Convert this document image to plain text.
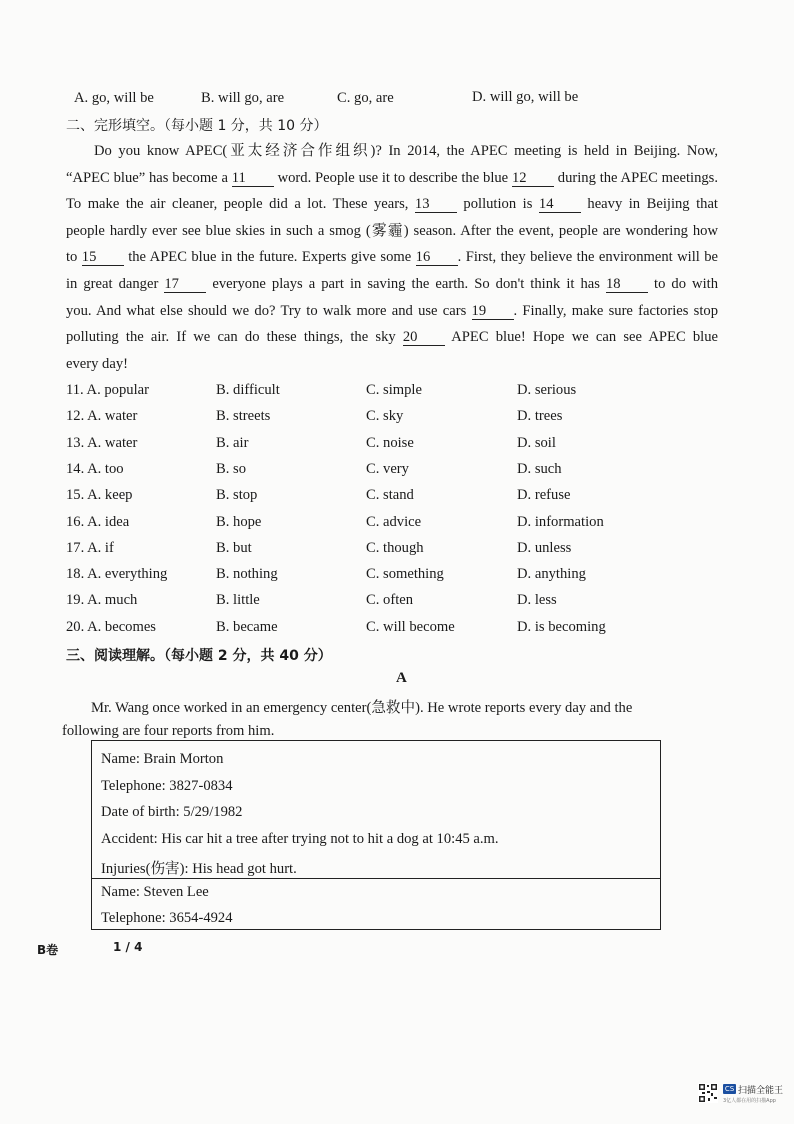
A. go, will be	B. will go, are	C. go, are	D. will go, will be
二、完形填空。（每小题 1 分，共 10 分）
Do you know APEC(亚太经济合作组织)? In 2014, the APEC meeting is held in Beijing. Now,
“APEC blue” has become a 11 word. People use it to describe the blue 12 during the APEC meetings.
To make the air cleaner, people did a lot. These years, 13 pollution is 14 heavy in Beijing that
people hardly ever see blue skies in such a smog (雾霾) season. After the event, people are wondering how
to 15 the APEC blue in the future. Experts give some 16 . First, they believe the environment will be
in great danger 17 everyone plays a part in saving the earth. So don't think it has 18 to do with
you. And what else should we do? Try to walk more and use cars 19 . Finally, make sure factories stop
polluting the air. If we can do these things, the sky 20 APEC blue! Hope we can see APEC blue
every day!
11. A. popular	B. difficult	C. simple	D. serious
12. A. water	B. streets	C. sky	D. trees
13. A. water	B. air	C. noise	D. soil
14. A. too	B. so	C. very	D. such
15. A. keep	B. stop	C. stand	D. refuse
16. A. idea	B. hope	C. advice	D. information
17. A. if	B. but	C. though	D. unless
18. A. everything	B. nothing	C. something	D. anything
19. A. much	B. little	C. often	D. less
20. A. becomes	B. became	C. will become	D. is becoming
三、阅读理解。（每小题 2 分，共 40 分）
A
Mr. Wang once worked in an emergency center(急救中). He wrote reports every day and the
following are four reports from him.
Name: Brain Morton
Telephone: 3827-0834
Date of birth: 5/29/1982
Accident: His car hit a tree after trying not to hit a dog at 10:45 a.m.
Injuries(伤害): His head got hurt.
Name: Steven Lee
Telephone: 3654-4924
B卷	1 / 4
CS 扫描全能王
3亿人都在用的扫描App
